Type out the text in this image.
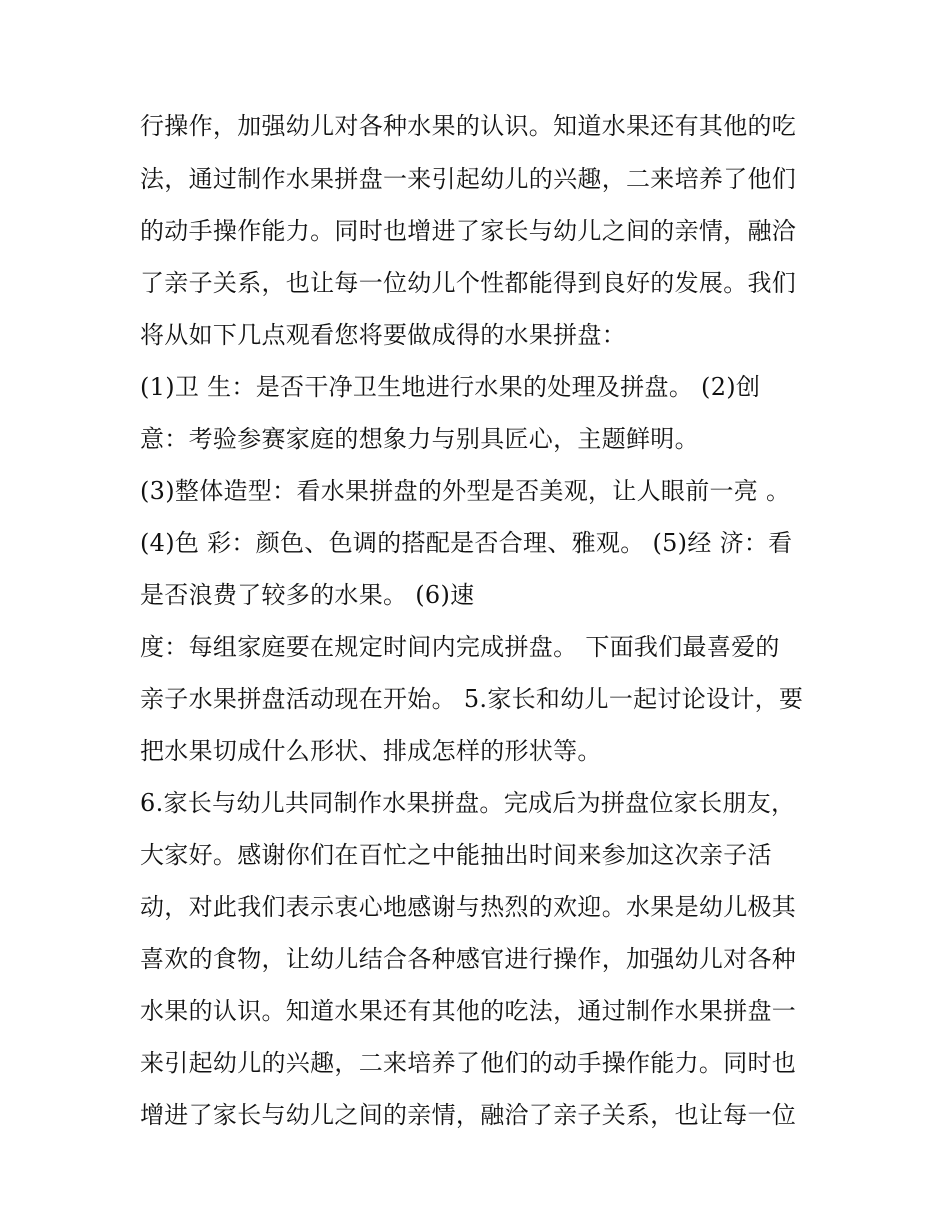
行操作，加强幼儿对各种水果的认识。知道水果还有其他的吃
法，通过制作水果拼盘一来引起幼儿的兴趣，二来培养了他们
的动手操作能力。同时也增进了家长与幼儿之间的亲情，融洽
了亲子关系，也让每一位幼儿个性都能得到良好的发展。我们
将从如下几点观看您将要做成得的水果拼盘：
(1)卫 生：是否干净卫生地进行水果的处理及拼盘。 (2)创
意：考验参赛家庭的想象力与别具匠心，主题鲜明。
(3)整体造型：看水果拼盘的外型是否美观，让人眼前一亮 。
(4)色 彩：颜色、色调的搭配是否合理、雅观。 (5)经 济：看
是否浪费了较多的水果。 (6)速
度：每组家庭要在规定时间内完成拼盘。 下面我们最喜爱的
亲子水果拼盘活动现在开始。 5.家长和幼儿一起讨论设计，要
把水果切成什么形状、排成怎样的形状等。
6.家长与幼儿共同制作水果拼盘。完成后为拼盘位家长朋友，
大家好。感谢你们在百忙之中能抽出时间来参加这次亲子活
动，对此我们表示衷心地感谢与热烈的欢迎。水果是幼儿极其
喜欢的食物，让幼儿结合各种感官进行操作，加强幼儿对各种
水果的认识。知道水果还有其他的吃法，通过制作水果拼盘一
来引起幼儿的兴趣，二来培养了他们的动手操作能力。同时也
增进了家长与幼儿之间的亲情，融洽了亲子关系，也让每一位
